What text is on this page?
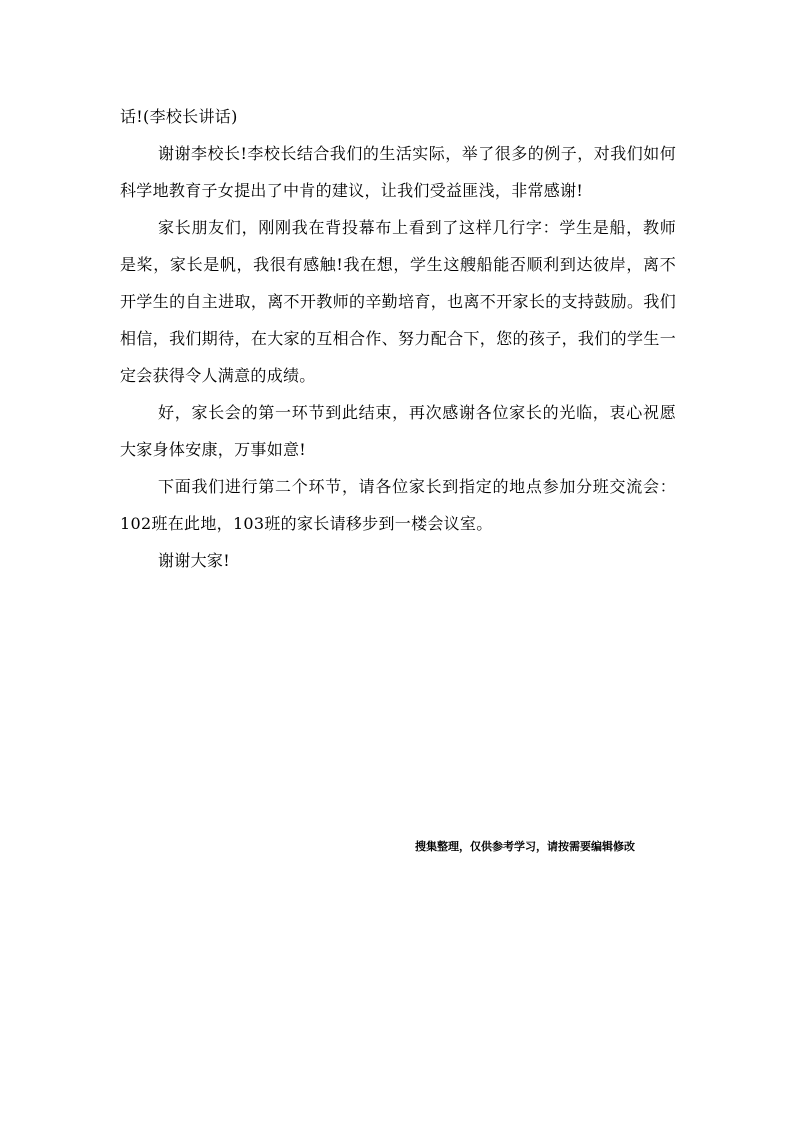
话!(李校长讲话)

谢谢李校长!李校长结合我们的生活实际，举了很多的例子，对我们如何科学地教育子女提出了中肯的建议，让我们受益匪浅，非常感谢!

家长朋友们，刚刚我在背投幕布上看到了这样几行字：学生是船，教师是桨，家长是帆，我很有感触!我在想，学生这艘船能否顺利到达彼岸，离不开学生的自主进取，离不开教师的辛勤培育，也离不开家长的支持鼓励。我们相信，我们期待，在大家的互相合作、努力配合下，您的孩子，我们的学生一定会获得令人满意的成绩。

好，家长会的第一环节到此结束，再次感谢各位家长的光临，衷心祝愿大家身体安康，万事如意!

下面我们进行第二个环节，请各位家长到指定的地点参加分班交流会：102班在此地，103班的家长请移步到一楼会议室。

谢谢大家!

搜集整理，仅供参考学习，请按需要编辑修改
